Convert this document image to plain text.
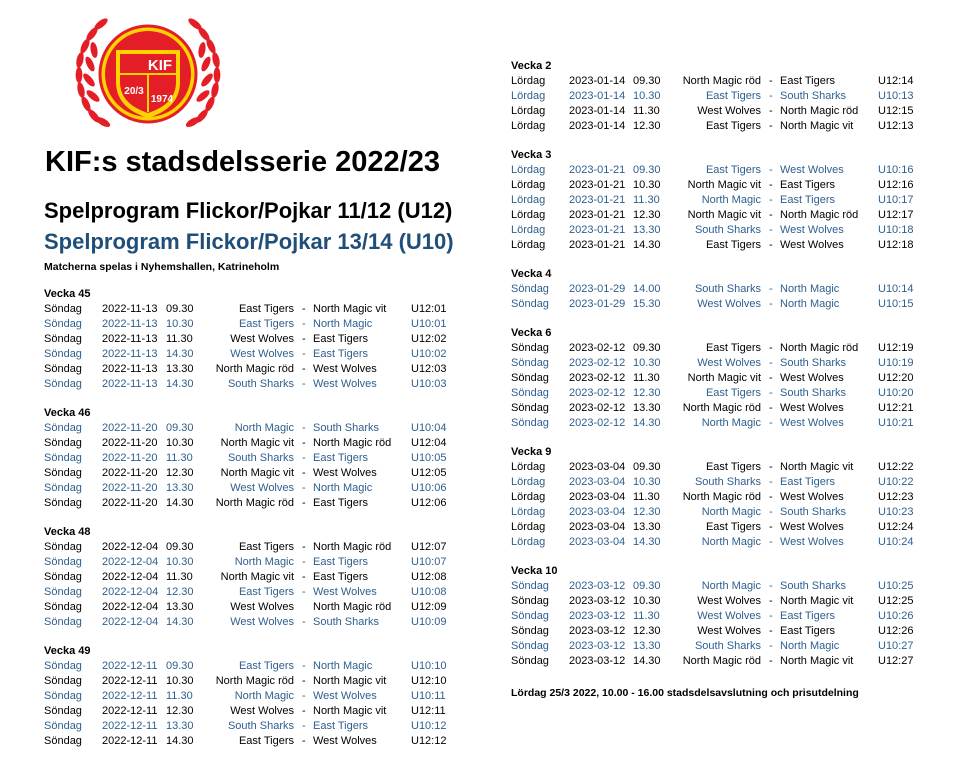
KIF
20/3
1974
KIF:s stadsdelsserie 2022/23
Spelprogram Flickor/Pojkar 11/12 (U12)
Spelprogram Flickor/Pojkar 13/14 (U10)
Matcherna spelas i Nyhemshallen, Katrineholm
Vecka 45
Söndag 2022-11-13 09.30	East Tigers - North Magic vit U12:01
Söndag 2022-11-13 10.30	East Tigers - North Magic	U10:01
Söndag 2022-11-13 11.30	West Wolves - East Tigers	U12:02
Söndag 2022-11-13 14.30	West Wolves - East Tigers	U10:02
Söndag 2022-11-13 13.30 North Magic röd - West Wolves	U12:03
Söndag 2022-11-13 14.30	South Sharks - West Wolves	U10:03
Vecka 46
Söndag 2022-11-20 09.30	North Magic - South Sharks	U10:04
Söndag 2022-11-20 10.30 North Magic vit - North Magic röd U12:04
Söndag 2022-11-20 11.30	South Sharks - East Tigers	U10:05
Söndag 2022-11-20 12.30 North Magic vit - West Wolves	U12:05
Söndag 2022-11-20 13.30	West Wolves - North Magic	U10:06
Söndag 2022-11-20 14.30 North Magic röd - East Tigers	U12:06
Vecka 48
Söndag 2022-12-04 09.30	East Tigers - North Magic röd U12:07
Söndag 2022-12-04 10.30	North Magic - East Tigers	U10:07
Söndag 2022-12-04 11.30	North Magic vit - East Tigers	U12:08
Söndag 2022-12-04 12.30	East Tigers - West Wolves	U10:08
Söndag 2022-12-04 13.30	West Wolves North Magic röd U12:09
Söndag 2022-12-04 14.30	West Wolves - South Sharks	U10:09
Vecka 49
Söndag 2022-12-11 09.30	East Tigers - North Magic	U10:10
Söndag 2022-12-11 10.30 North Magic röd - North Magic vit U12:10
Söndag 2022-12-11 11.30	North Magic - West Wolves	U10:11
Söndag 2022-12-11 12.30	West Wolves - North Magic vit U12:11
Söndag 2022-12-11 13.30	South Sharks - East Tigers	U10:12
Söndag 2022-12-11 14.30	East Tigers - West Wolves	U12:12
Vecka 2
Lördag 2023-01-14 09.30 North Magic röd - East Tigers	U12:14
Lördag 2023-01-14 10.30	East Tigers - South Sharks	U10:13
Lördag 2023-01-14 11.30	West Wolves - North Magic röd U12:15
Lördag 2023-01-14 12.30	East Tigers - North Magic vit U12:13
Vecka 3
Lördag 2023-01-21 09.30	East Tigers - West Wolves	U10:16
Lördag 2023-01-21 10.30 North Magic vit - East Tigers	U12:16
Lördag 2023-01-21 11.30	North Magic - East Tigers	U10:17
Lördag 2023-01-21 12.30 North Magic vit - North Magic röd U12:17
Lördag 2023-01-21 13.30	South Sharks - West Wolves	U10:18
Lördag 2023-01-21 14.30	East Tigers - West Wolves	U12:18
Vecka 4
Söndag 2023-01-29 14.00	South Sharks - North Magic	U10:14
Söndag 2023-01-29 15.30	West Wolves - North Magic	U10:15
Vecka 6
Söndag 2023-02-12 09.30	East Tigers - North Magic röd U12:19
Söndag 2023-02-12 10.30	West Wolves - South Sharks	U10:19
Söndag 2023-02-12 11.30	North Magic vit - West Wolves	U12:20
Söndag 2023-02-12 12.30	East Tigers - South Sharks	U10:20
Söndag 2023-02-12 13.30 North Magic röd - West Wolves	U12:21
Söndag 2023-02-12 14.30	North Magic - West Wolves	U10:21
Vecka 9
Lördag 2023-03-04 09.30	East Tigers - North Magic vit U12:22
Lördag 2023-03-04 10.30	South Sharks - East Tigers	U10:22
Lördag 2023-03-04 11.30 North Magic röd - West Wolves	U12:23
Lördag 2023-03-04 12.30	North Magic - South Sharks	U10:23
Lördag 2023-03-04 13.30	East Tigers - West Wolves	U12:24
Lördag 2023-03-04 14.30	North Magic - West Wolves	U10:24
Vecka 10
Söndag 2023-03-12 09.30	North Magic - South Sharks	U10:25
Söndag 2023-03-12 10.30	West Wolves - North Magic vit U12:25
Söndag 2023-03-12 11.30	West Wolves - East Tigers	U10:26
Söndag 2023-03-12 12.30	West Wolves - East Tigers	U12:26
Söndag 2023-03-12 13.30	South Sharks - North Magic	U10:27
Söndag 2023-03-12 14.30 North Magic röd - North Magic vit U12:27
Lördag 25/3 2022, 10.00 - 16.00 stadsdelsavslutning och prisutdelning
